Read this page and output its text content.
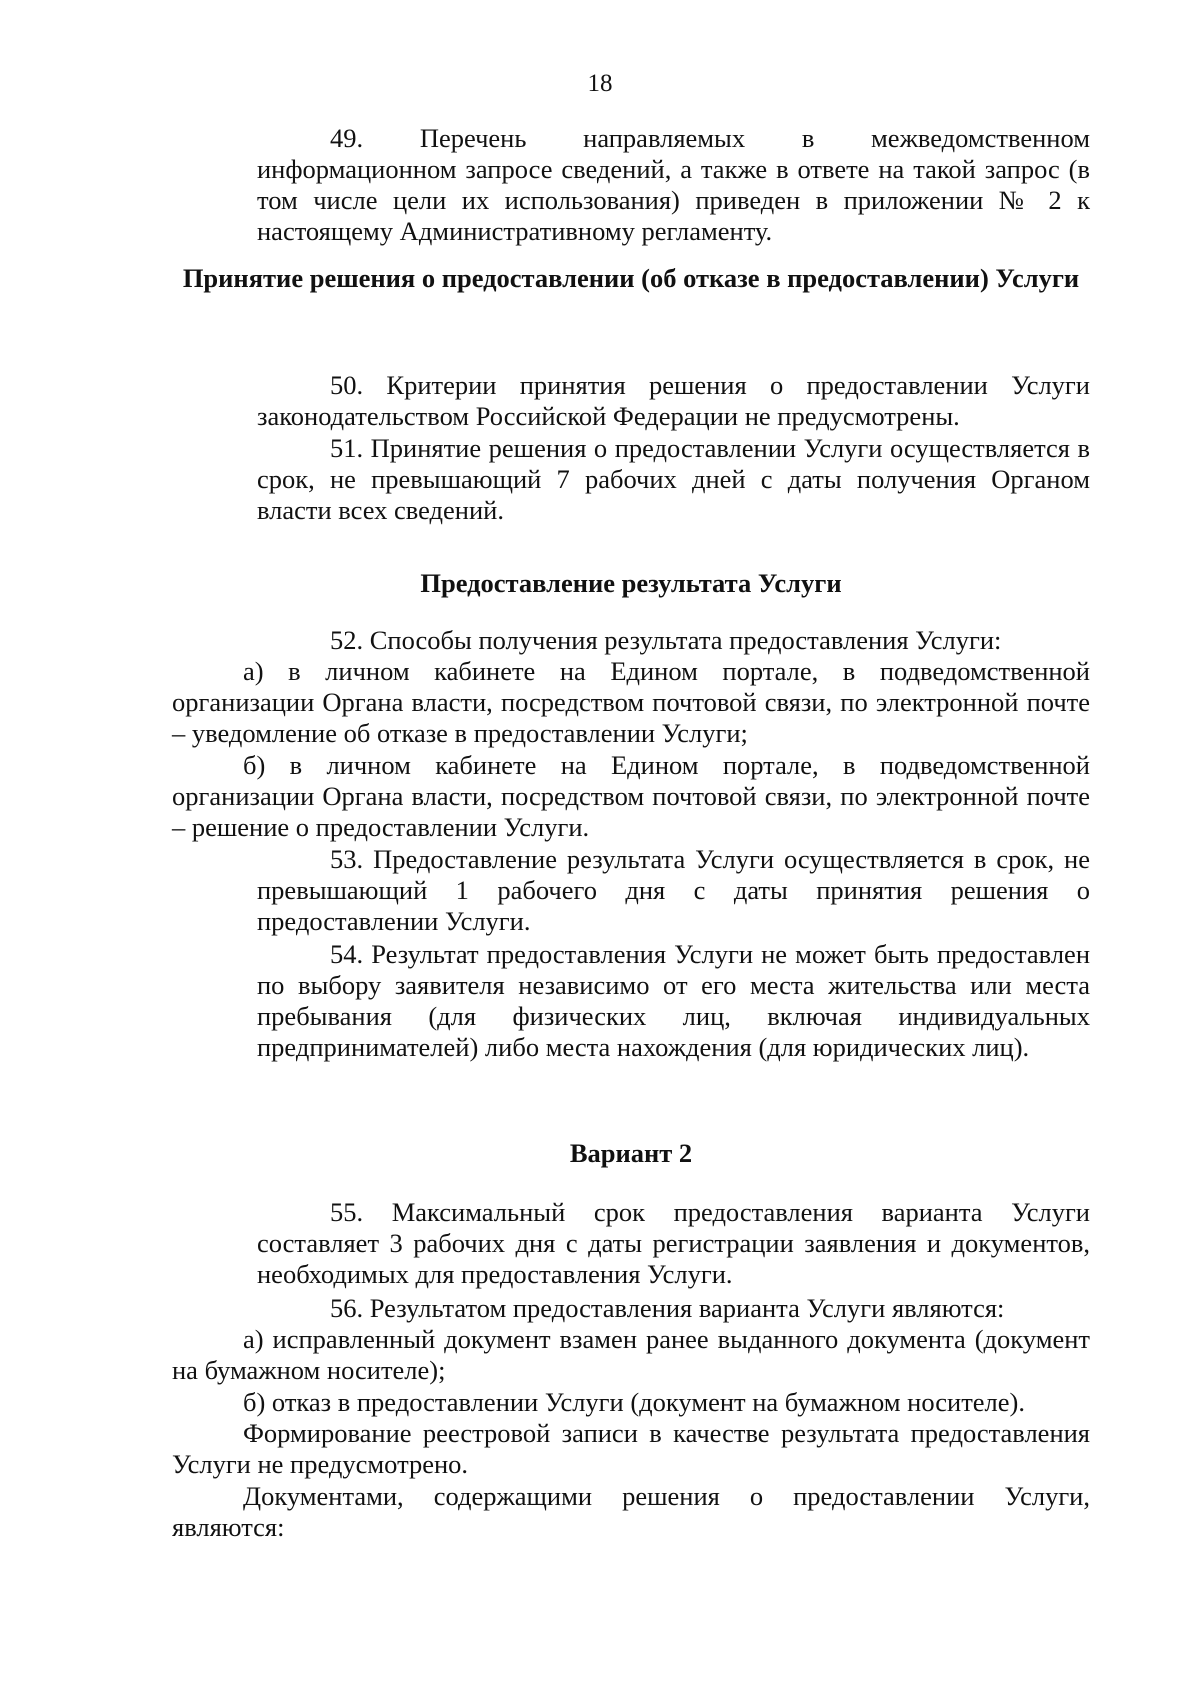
18

49. Перечень направляемых в межведомственном информационном запросе сведений, а также в ответе на такой запрос (в том числе цели их использования) приведен в приложении № 2 к настоящему Административному регламенту.

Принятие решения о предоставлении (об отказе в предоставлении) Услуги

50. Критерии принятия решения о предоставлении Услуги законодательством Российской Федерации не предусмотрены.

51. Принятие решения о предоставлении Услуги осуществляется в срок, не превышающий 7 рабочих дней с даты получения Органом власти всех сведений.

Предоставление результата Услуги

52. Способы получения результата предоставления Услуги:

а) в личном кабинете на Едином портале, в подведомственной организации Органа власти, посредством почтовой связи, по электронной почте – уведомление об отказе в предоставлении Услуги;

б) в личном кабинете на Едином портале, в подведомственной организации Органа власти, посредством почтовой связи, по электронной почте – решение о предоставлении Услуги.

53. Предоставление результата Услуги осуществляется в срок, не превышающий 1 рабочего дня с даты принятия решения о предоставлении Услуги.

54. Результат предоставления Услуги не может быть предоставлен по выбору заявителя независимо от его места жительства или места пребывания (для физических лиц, включая индивидуальных предпринимателей) либо места нахождения (для юридических лиц).

Вариант 2

55. Максимальный срок предоставления варианта Услуги составляет 3 рабочих дня с даты регистрации заявления и документов, необходимых для предоставления Услуги.

56. Результатом предоставления варианта Услуги являются:

а) исправленный документ взамен ранее выданного документа (документ на бумажном носителе);

б) отказ в предоставлении Услуги (документ на бумажном носителе).

Формирование реестровой записи в качестве результата предоставления Услуги не предусмотрено.

Документами, содержащими решения о предоставлении Услуги, являются:
